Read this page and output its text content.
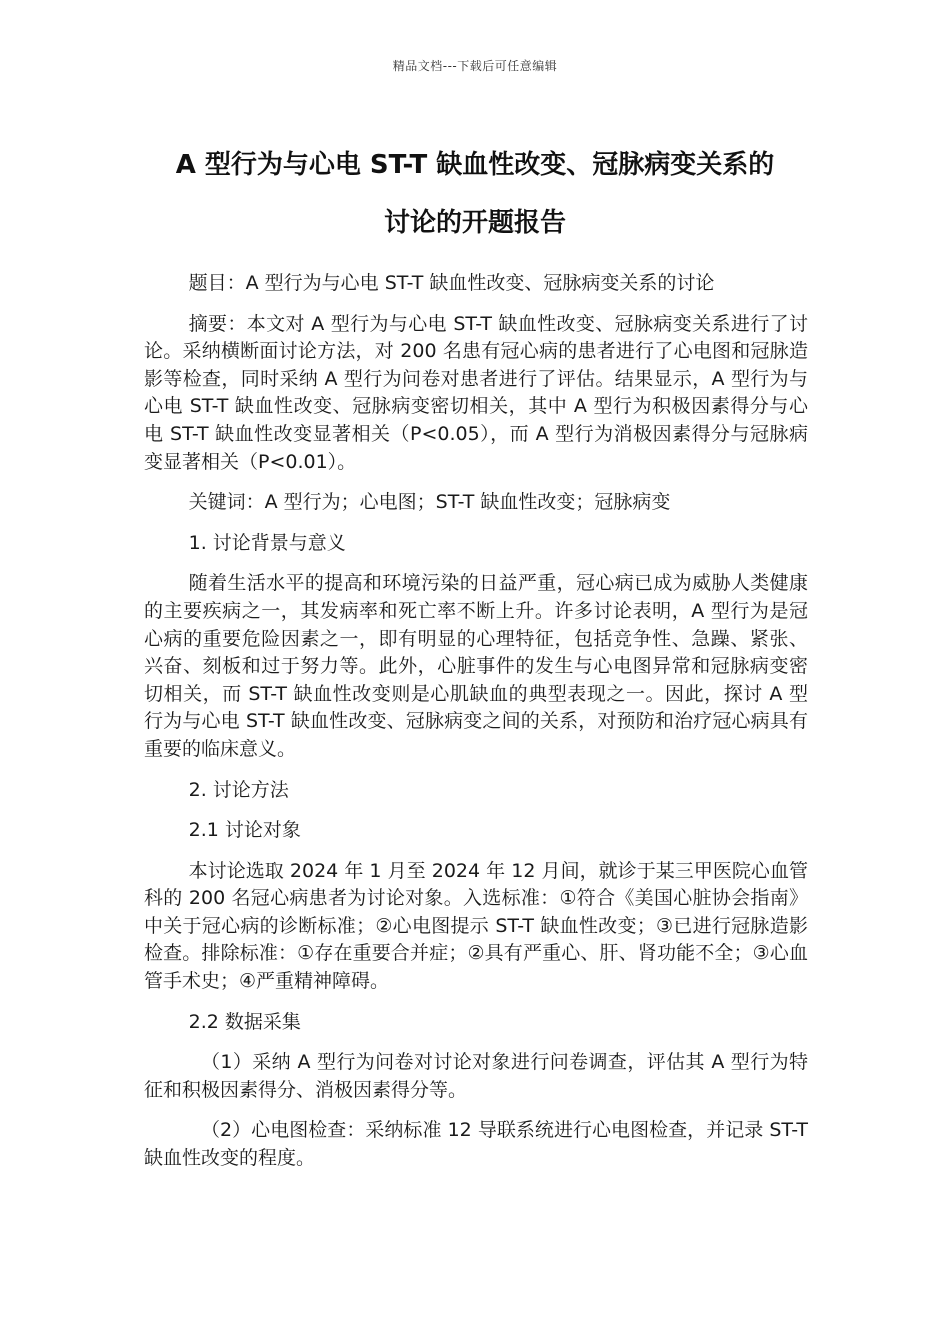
精品文档---下载后可任意编辑
A 型行为与心电 ST-T 缺血性改变、冠脉病变关系的
讨论的开题报告

题目：A 型行为与心电 ST-T 缺血性改变、冠脉病变关系的讨论

摘要：本文对 A 型行为与心电 ST-T 缺血性改变、冠脉病变关系进行了讨论。采纳横断面讨论方法，对 200 名患有冠心病的患者进行了心电图和冠脉造影等检查，同时采纳 A 型行为问卷对患者进行了评估。结果显示，A 型行为与心电 ST-T 缺血性改变、冠脉病变密切相关，其中 A 型行为积极因素得分与心电 ST-T 缺血性改变显著相关（P<0.05），而 A 型行为消极因素得分与冠脉病变显著相关（P<0.01）。

关键词：A 型行为；心电图；ST-T 缺血性改变；冠脉病变

1. 讨论背景与意义

随着生活水平的提高和环境污染的日益严重，冠心病已成为威胁人类健康的主要疾病之一，其发病率和死亡率不断上升。许多讨论表明，A 型行为是冠心病的重要危险因素之一，即有明显的心理特征，包括竞争性、急躁、紧张、兴奋、刻板和过于努力等。此外，心脏事件的发生与心电图异常和冠脉病变密切相关，而 ST-T 缺血性改变则是心肌缺血的典型表现之一。因此，探讨 A 型行为与心电 ST-T 缺血性改变、冠脉病变之间的关系，对预防和治疗冠心病具有重要的临床意义。

2. 讨论方法

2.1 讨论对象

本讨论选取 2024 年 1 月至 2024 年 12 月间，就诊于某三甲医院心血管科的 200 名冠心病患者为讨论对象。入选标准：①符合《美国心脏协会指南》中关于冠心病的诊断标准；②心电图提示 ST-T 缺血性改变；③已进行冠脉造影检查。排除标准：①存在重要合并症；②具有严重心、肝、肾功能不全；③心血管手术史；④严重精神障碍。

2.2 数据采集

（1）采纳 A 型行为问卷对讨论对象进行问卷调查，评估其 A 型行为特征和积极因素得分、消极因素得分等。

（2）心电图检查：采纳标准 12 导联系统进行心电图检查，并记录 ST-T 缺血性改变的程度。
